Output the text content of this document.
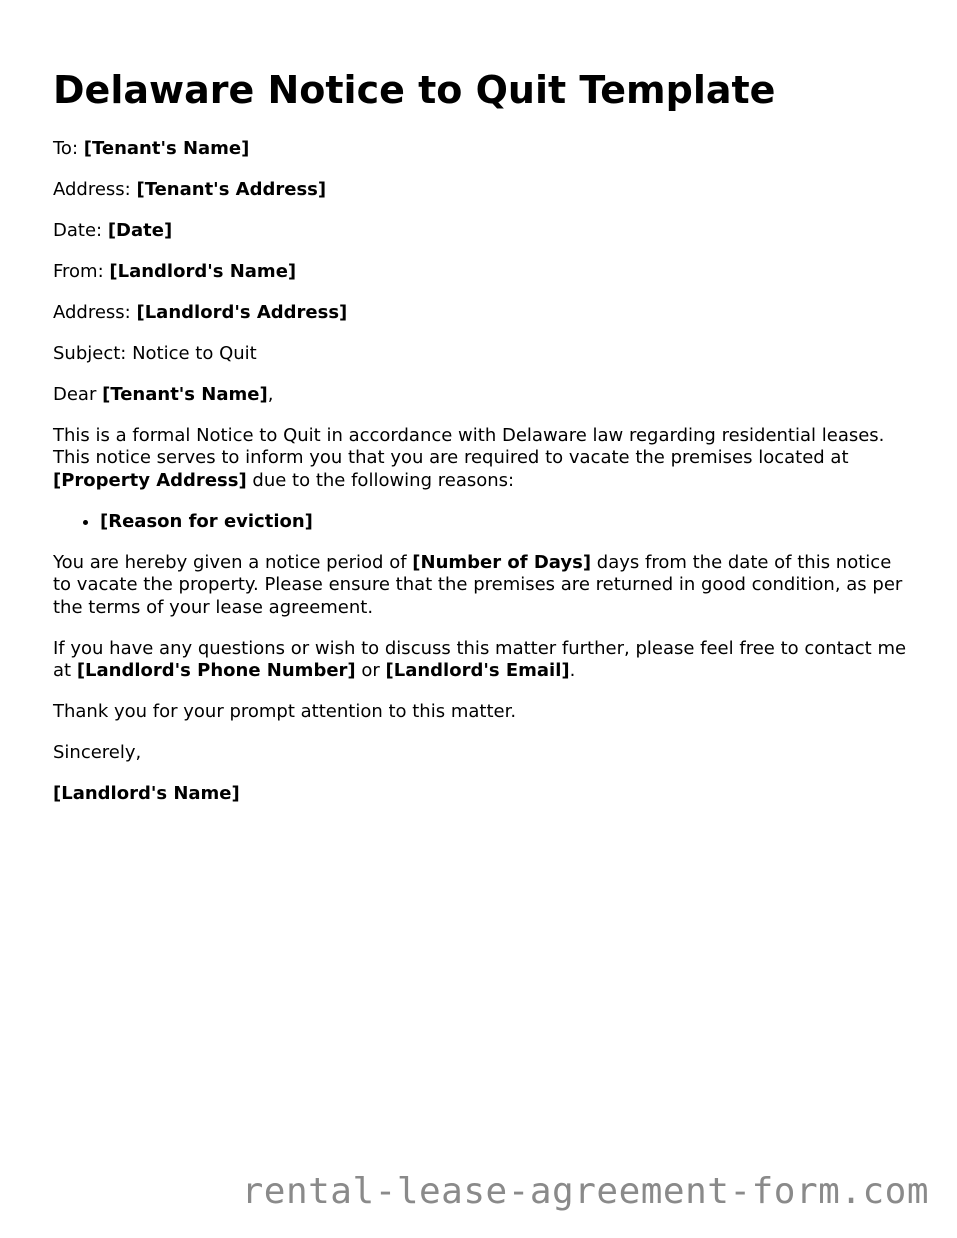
Delaware Notice to Quit Template

To: [Tenant's Name]

Address: [Tenant's Address]

Date: [Date]

From: [Landlord's Name]

Address: [Landlord's Address]

Subject: Notice to Quit

Dear [Tenant's Name],

This is a formal Notice to Quit in accordance with Delaware law regarding residential leases. This notice serves to inform you that you are required to vacate the premises located at [Property Address] due to the following reasons:

• [Reason for eviction]

You are hereby given a notice period of [Number of Days] days from the date of this notice to vacate the property. Please ensure that the premises are returned in good condition, as per the terms of your lease agreement.

If you have any questions or wish to discuss this matter further, please feel free to contact me at [Landlord's Phone Number] or [Landlord's Email].

Thank you for your prompt attention to this matter.

Sincerely,

[Landlord's Name]

rental-lease-agreement-form.com
